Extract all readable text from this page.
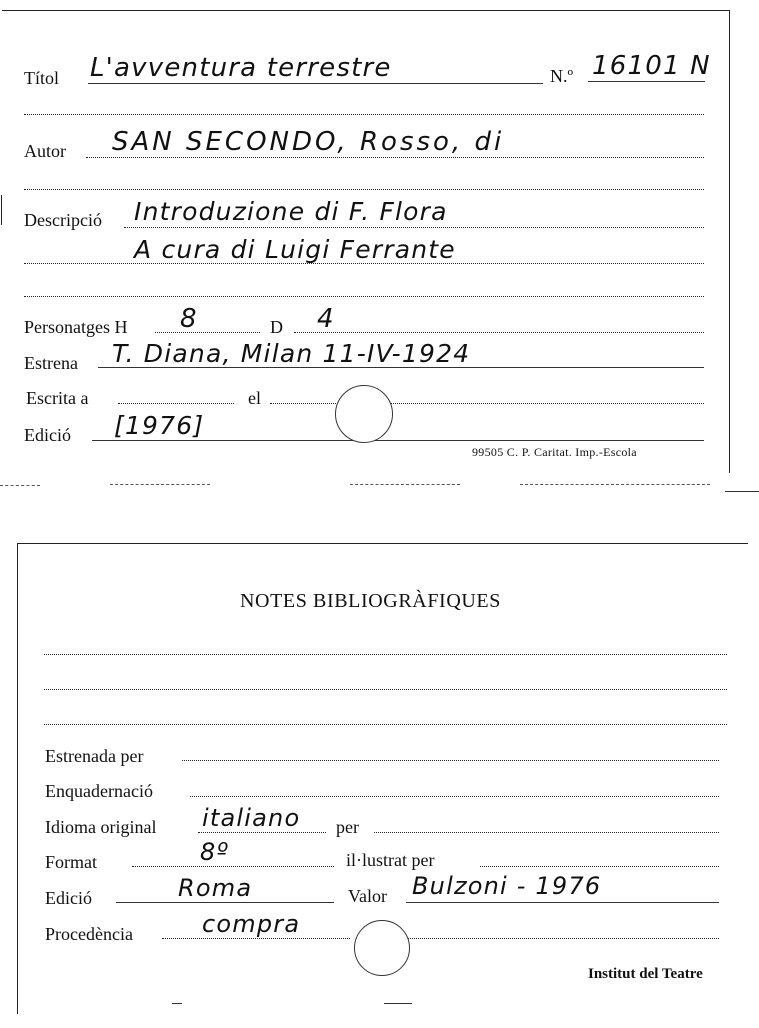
Títol L'avventura terrestre	N.º 16101 N
Autor SAN SECONDO, Rosso, di
Descripció Introduzione di F. Flora
A cura di Luigi Ferrante
Personatges H 8	D 4
Estrena T. Diana, Milan 11-IV-1924
Escrita a	el
Edició [1976]
99505 C. P. Caritat. Imp.-Escola
NOTES BIBLIOGRÀFIQUES
Estrenada per
Enquadernació
Idioma original italiano per
Format	8º	il·lustrat per
Edició	Roma	Valor Bulzoni - 1976
Procedència	compra
Institut del Teatre
